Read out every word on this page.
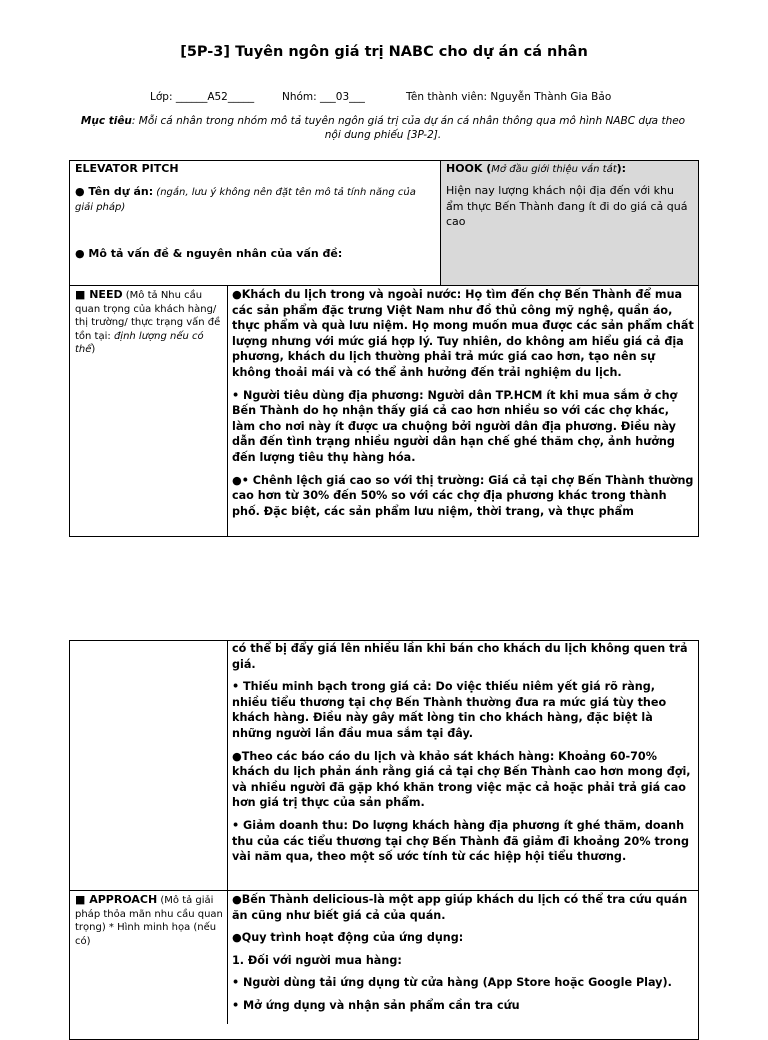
[5P-3] Tuyên ngôn giá trị NABC cho dự án cá nhân
Lớp: ______A52_____	Nhóm: ___03___	Tên thành viên: Nguyễn Thành Gia Bảo
Mục tiêu: Mỗi cá nhân trong nhóm mô tả tuyên ngôn giá trị của dự án cá nhân thông qua mô hình NABC dựa theo nội dung phiếu [3P-2].
ELEVATOR PITCH
● Tên dự án: (ngắn, lưu ý không nên đặt tên mô tả tính năng của giải pháp)
● Mô tả vấn đề & nguyên nhân của vấn đề:
HOOK (Mở đầu giới thiệu vắn tắt):
Hiện nay lượng khách nội địa đến với khu ẩm thực Bến Thành đang ít đi do giá cả quá cao
■ NEED (Mô tả Nhu cầu quan trọng của khách hàng/ thị trường/ thực trạng vấn đề tồn tại: định lượng nếu có thể)

●Khách du lịch trong và ngoài nước: Họ tìm đến chợ Bến Thành để mua các sản phẩm đặc trưng Việt Nam như đồ thủ công mỹ nghệ, quần áo, thực phẩm và quà lưu niệm. Họ mong muốn mua được các sản phẩm chất lượng nhưng với mức giá hợp lý. Tuy nhiên, do không am hiểu giá cả địa phương, khách du lịch thường phải trả mức giá cao hơn, tạo nên sự không thoải mái và có thể ảnh hưởng đến trải nghiệm du lịch.

• Người tiêu dùng địa phương: Người dân TP.HCM ít khi mua sắm ở chợ Bến Thành do họ nhận thấy giá cả cao hơn nhiều so với các chợ khác, làm cho nơi này ít được ưa chuộng bởi người dân địa phương. Điều này dẫn đến tình trạng nhiều người dân hạn chế ghé thăm chợ, ảnh hưởng đến lượng tiêu thụ hàng hóa.

●• Chênh lệch giá cao so với thị trường: Giá cả tại chợ Bến Thành thường cao hơn từ 30% đến 50% so với các chợ địa phương khác trong thành phố. Đặc biệt, các sản phẩm lưu niệm, thời trang, và thực phẩm

có thể bị đẩy giá lên nhiều lần khi bán cho khách du lịch không quen trả giá.

• Thiếu minh bạch trong giá cả: Do việc thiếu niêm yết giá rõ ràng, nhiều tiểu thương tại chợ Bến Thành thường đưa ra mức giá tùy theo khách hàng. Điều này gây mất lòng tin cho khách hàng, đặc biệt là những người lần đầu mua sắm tại đây.

●Theo các báo cáo du lịch và khảo sát khách hàng: Khoảng 60-70% khách du lịch phản ánh rằng giá cả tại chợ Bến Thành cao hơn mong đợi, và nhiều người đã gặp khó khăn trong việc mặc cả hoặc phải trả giá cao hơn giá trị thực của sản phẩm.

• Giảm doanh thu: Do lượng khách hàng địa phương ít ghé thăm, doanh thu của các tiểu thương tại chợ Bến Thành đã giảm đi khoảng 20% trong vài năm qua, theo một số ước tính từ các hiệp hội tiểu thương.

■ APPROACH (Mô tả giải pháp thỏa mãn nhu cầu quan trọng) * Hình minh họa (nếu có)

●Bến Thành delicious-là một app giúp khách du lịch có thể tra cứu quán ăn cũng như biết giá cả của quán.

●Quy trình hoạt động của ứng dụng:

1. Đối với người mua hàng:

• Người dùng tải ứng dụng từ cửa hàng (App Store hoặc Google Play).

• Mở ứng dụng và nhận sản phẩm cần tra cứu
